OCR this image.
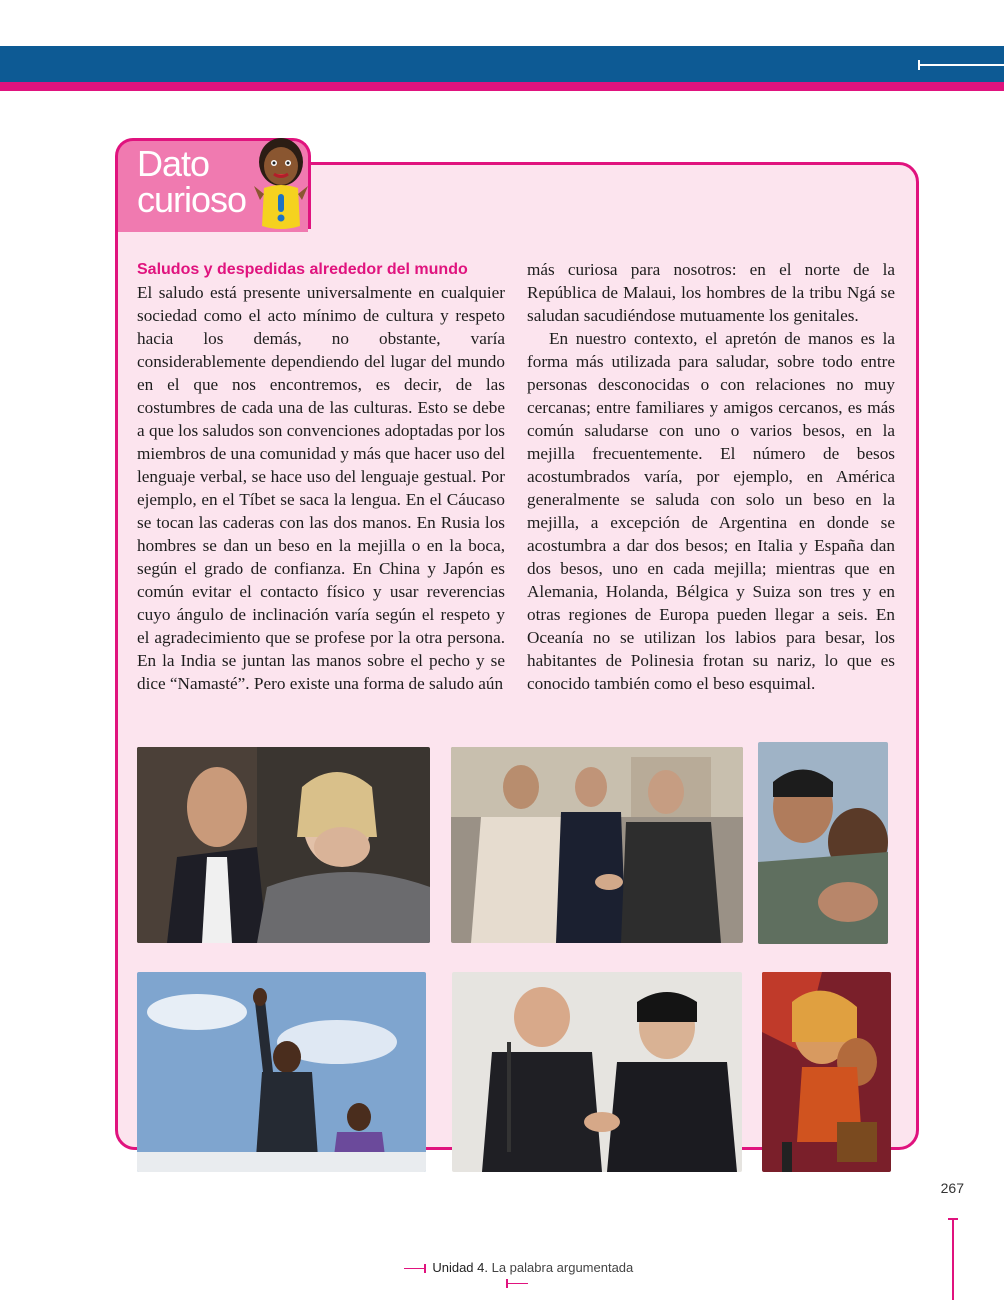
Dato
curioso
Saludos y despedidas alrededor del mundo

El saludo está presente universalmente en cualquier sociedad como el acto mínimo de cultura y respeto hacia los demás, no obstante, varía considerablemente dependiendo del lugar del mundo en el que nos encontremos, es decir, de las costumbres de cada una de las culturas. Esto se debe a que los saludos son convenciones adoptadas por los miembros de una comunidad y más que hacer uso del lenguaje verbal, se hace uso del lenguaje gestual. Por ejemplo, en el Tíbet se saca la lengua. En el Cáucaso se tocan las caderas con las dos manos. En Rusia los hombres se dan un beso en la mejilla o en la boca, según el grado de confianza. En China y Japón es común evitar el contacto físico y usar reverencias cuyo ángulo de inclinación varía según el respeto y el agradecimiento que se profese por la otra persona. En la India se juntan las manos sobre el pecho y se dice “Namasté”. Pero existe una forma de saludo aún

más curiosa para nosotros: en el norte de la República de Malaui, los hombres de la tribu Ngá se saludan sacudiéndose mutuamente los genitales.

En nuestro contexto, el apretón de manos es la forma más utilizada para saludar, sobre todo entre personas desconocidas o con relaciones no muy cercanas; entre familiares y amigos cercanos, es más común saludarse con uno o varios besos, en la mejilla frecuentemente. El número de besos acostumbrados varía, por ejemplo, en América generalmente se saluda con solo un beso en la mejilla, a excepción de Argentina en donde se acostumbra a dar dos besos; en Italia y España dan dos besos, uno en cada mejilla; mientras que en Alemania, Holanda, Bélgica y Suiza son tres y en otras regiones de Europa pueden llegar a seis. En Oceanía no se utilizan los labios para besar, los habitantes de Polinesia frotan su nariz, lo que es conocido también como el beso esquimal.

267
Unidad 4. La palabra argumentada
